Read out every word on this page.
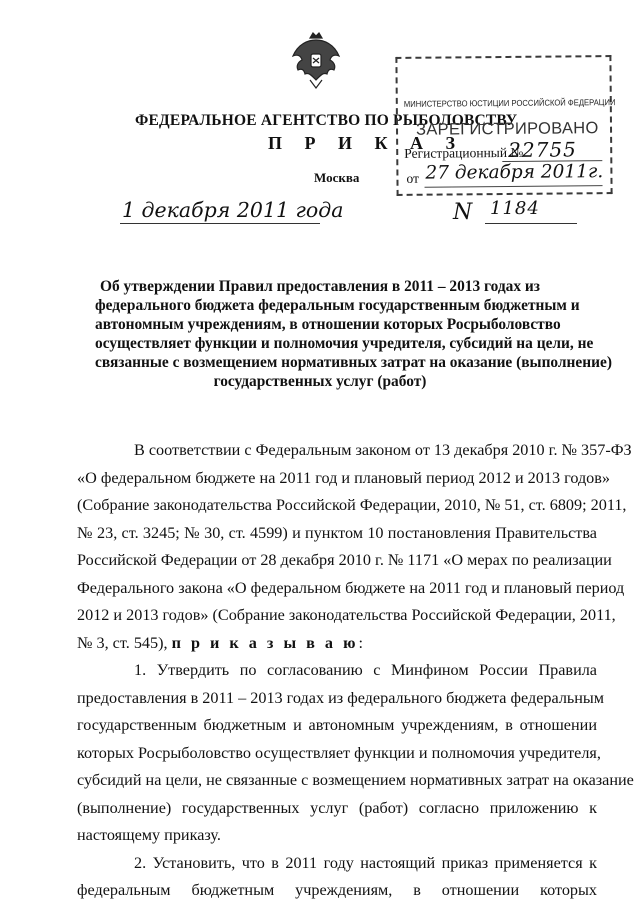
ФЕДЕРАЛЬНОЕ АГЕНТСТВО ПО РЫБОЛОВСТВУ
П Р И К А З
Москва
МИНИСТЕРСТВО ЮСТИЦИИ РОССИЙСКОЙ ФЕДЕРАЦИИ
ЗАРЕГИСТРИРОВАНО
Регистрационный №
22755
от 27 декабря 2011г.
1 декабря 2011 года	N 1184
Об утверждении Правил предоставления в 2011 – 2013 годах из
федерального бюджета федеральным государственным бюджетным и
автономным учреждениям, в отношении которых Росрыболовство
осуществляет функции и полномочия учредителя, субсидий на цели, не
связанные с возмещением нормативных затрат на оказание (выполнение)
государственных услуг (работ)
В соответствии с Федеральным законом от 13 декабря 2010 г. № 357-ФЗ
«О федеральном бюджете на 2011 год и плановый период 2012 и 2013 годов»
(Собрание законодательства Российской Федерации, 2010, № 51, ст. 6809; 2011,
№ 23, ст. 3245; № 30, ст. 4599) и пунктом 10 постановления Правительства
Российской Федерации от 28 декабря 2010 г. № 1171 «О мерах по реализации
Федерального закона «О федеральном бюджете на 2011 год и плановый период
2012 и 2013 годов» (Собрание законодательства Российской Федерации, 2011,
№ 3, ст. 545), п р и к а з ы в а ю:
1. Утвердить по согласованию с Минфином России Правила
предоставления в 2011 – 2013 годах из федерального бюджета федеральным
государственным бюджетным и автономным учреждениям, в отношении
которых Росрыболовство осуществляет функции и полномочия учредителя,
субсидий на цели, не связанные с возмещением нормативных затрат на оказание
(выполнение) государственных услуг (работ) согласно приложению к
настоящему приказу.
2. Установить, что в 2011 году настоящий приказ применяется к
федеральным бюджетным учреждениям, в отношении которых
